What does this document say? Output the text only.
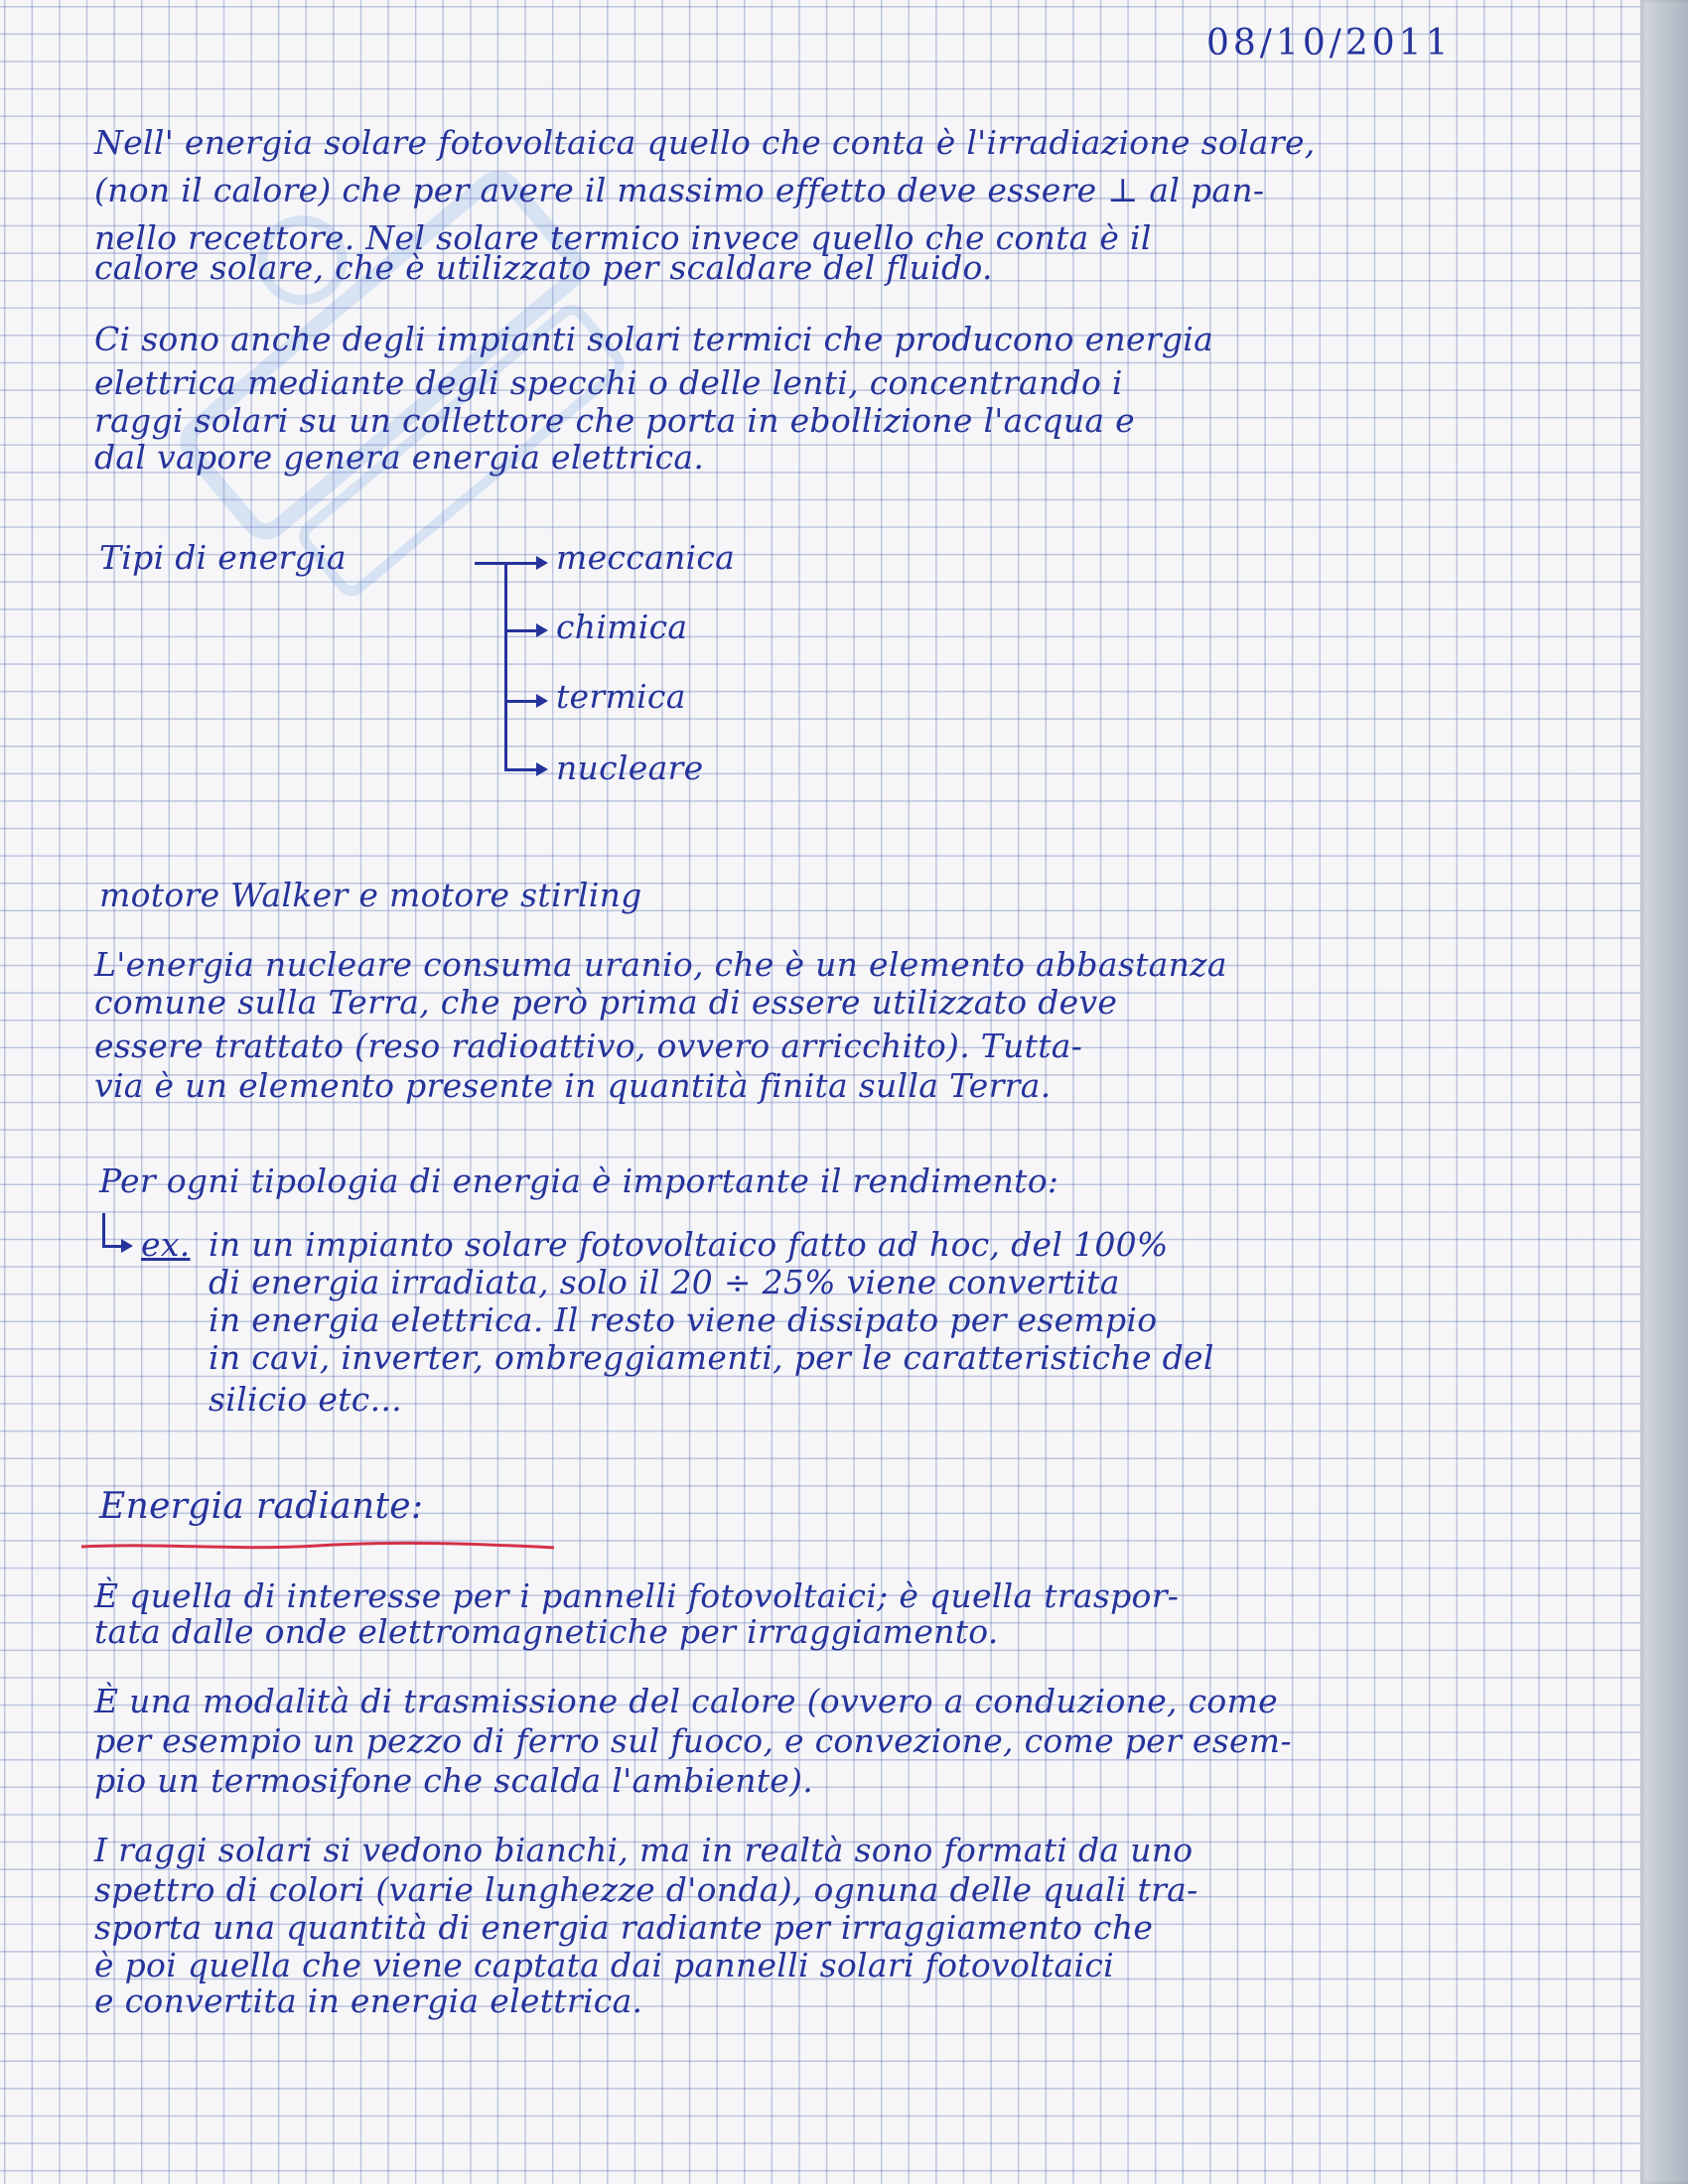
08/10/2011
Nell' energia solare fotovoltaica quello che conta è l'irradiazione solare,
(non il calore) che per avere il massimo effetto deve essere ⊥ al pan-
nello recettore. Nel solare termico invece quello che conta è il
calore solare, che è utilizzato per scaldare del fluido.
Ci sono anche degli impianti solari termici che producono energia
elettrica mediante degli specchi o delle lenti, concentrando i
raggi solari su un collettore che porta in ebollizione l'acqua e
dal vapore genera energia elettrica.
Tipi di energia	meccanica
chimica
termica
nucleare
motore Walker e motore stirling
L'energia nucleare consuma uranio, che è un elemento abbastanza
comune sulla Terra, che però prima di essere utilizzato deve
essere trattato (reso radioattivo, ovvero arricchito). Tutta-
via è un elemento presente in quantità finita sulla Terra.
Per ogni tipologia di energia è importante il rendimento:
ex. in un impianto solare fotovoltaico fatto ad hoc, del 100%
di energia irradiata, solo il 20 ÷ 25% viene convertita
in energia elettrica. Il resto viene dissipato per esempio
in cavi, inverter, ombreggiamenti, per le caratteristiche del
silicio etc...
Energia radiante:
È quella di interesse per i pannelli fotovoltaici; è quella traspor-
tata dalle onde elettromagnetiche per irraggiamento.
È una modalità di trasmissione del calore (ovvero a conduzione, come
per esempio un pezzo di ferro sul fuoco, e convezione, come per esem-
pio un termosifone che scalda l'ambiente).
I raggi solari si vedono bianchi, ma in realtà sono formati da uno
spettro di colori (varie lunghezze d'onda), ognuna delle quali tra-
sporta una quantità di energia radiante per irraggiamento che
è poi quella che viene captata dai pannelli solari fotovoltaici
e convertita in energia elettrica.
